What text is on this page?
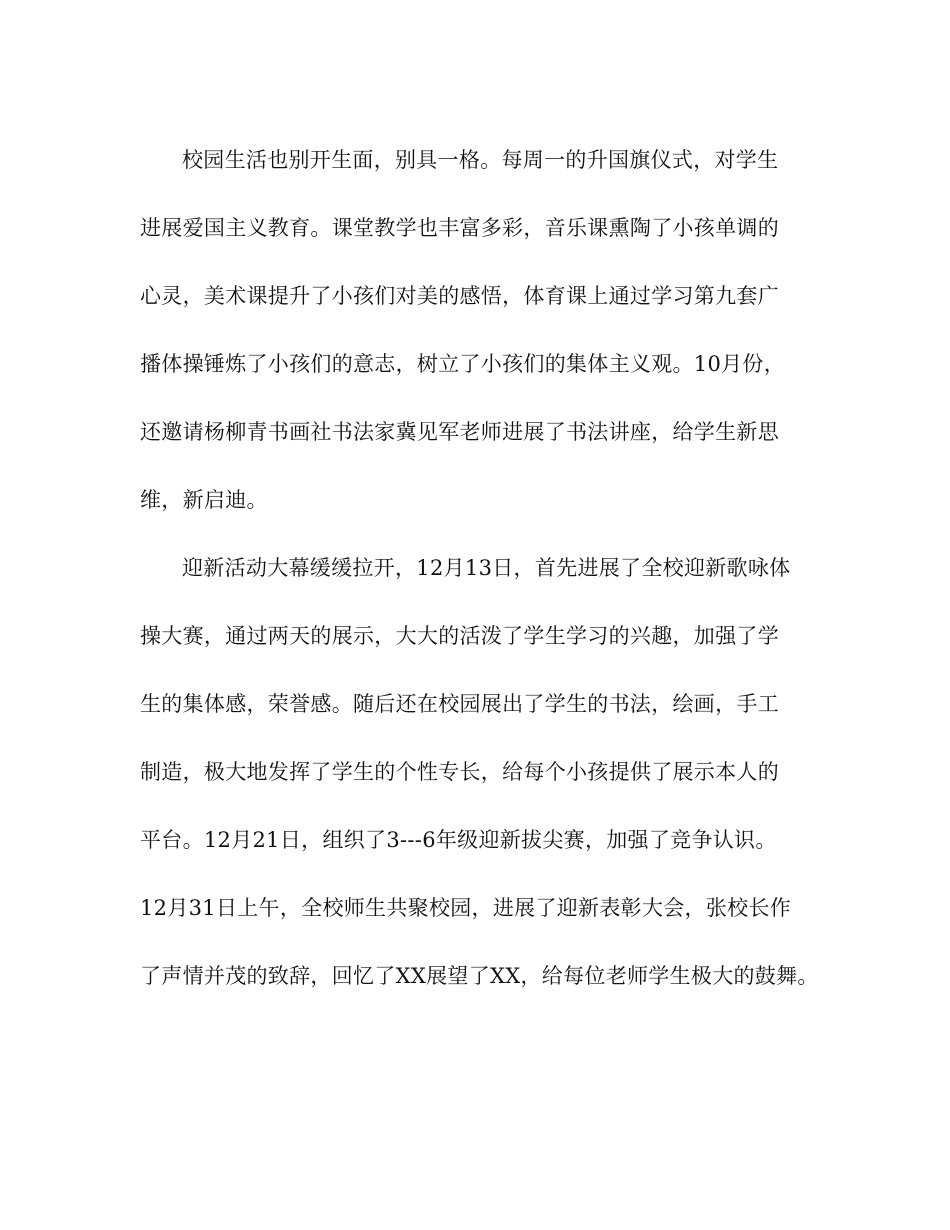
校园生活也别开生面，别具一格。每周一的升国旗仪式，对学生
进展爱国主义教育。课堂教学也丰富多彩，音乐课熏陶了小孩单调的
心灵，美术课提升了小孩们对美的感悟，体育课上通过学习第九套广
播体操锤炼了小孩们的意志，树立了小孩们的集体主义观。10月份，
还邀请杨柳青书画社书法家冀见军老师进展了书法讲座，给学生新思
维，新启迪。
迎新活动大幕缓缓拉开，12月13日，首先进展了全校迎新歌咏体
操大赛，通过两天的展示，大大的活泼了学生学习的兴趣，加强了学
生的集体感，荣誉感。随后还在校园展出了学生的书法，绘画，手工
制造，极大地发挥了学生的个性专长，给每个小孩提供了展示本人的
平台。12月21日，组织了3---6年级迎新拔尖赛，加强了竞争认识。
12月31日上午，全校师生共聚校园，进展了迎新表彰大会，张校长作
了声情并茂的致辞，回忆了XX展望了XX，给每位老师学生极大的鼓舞。
